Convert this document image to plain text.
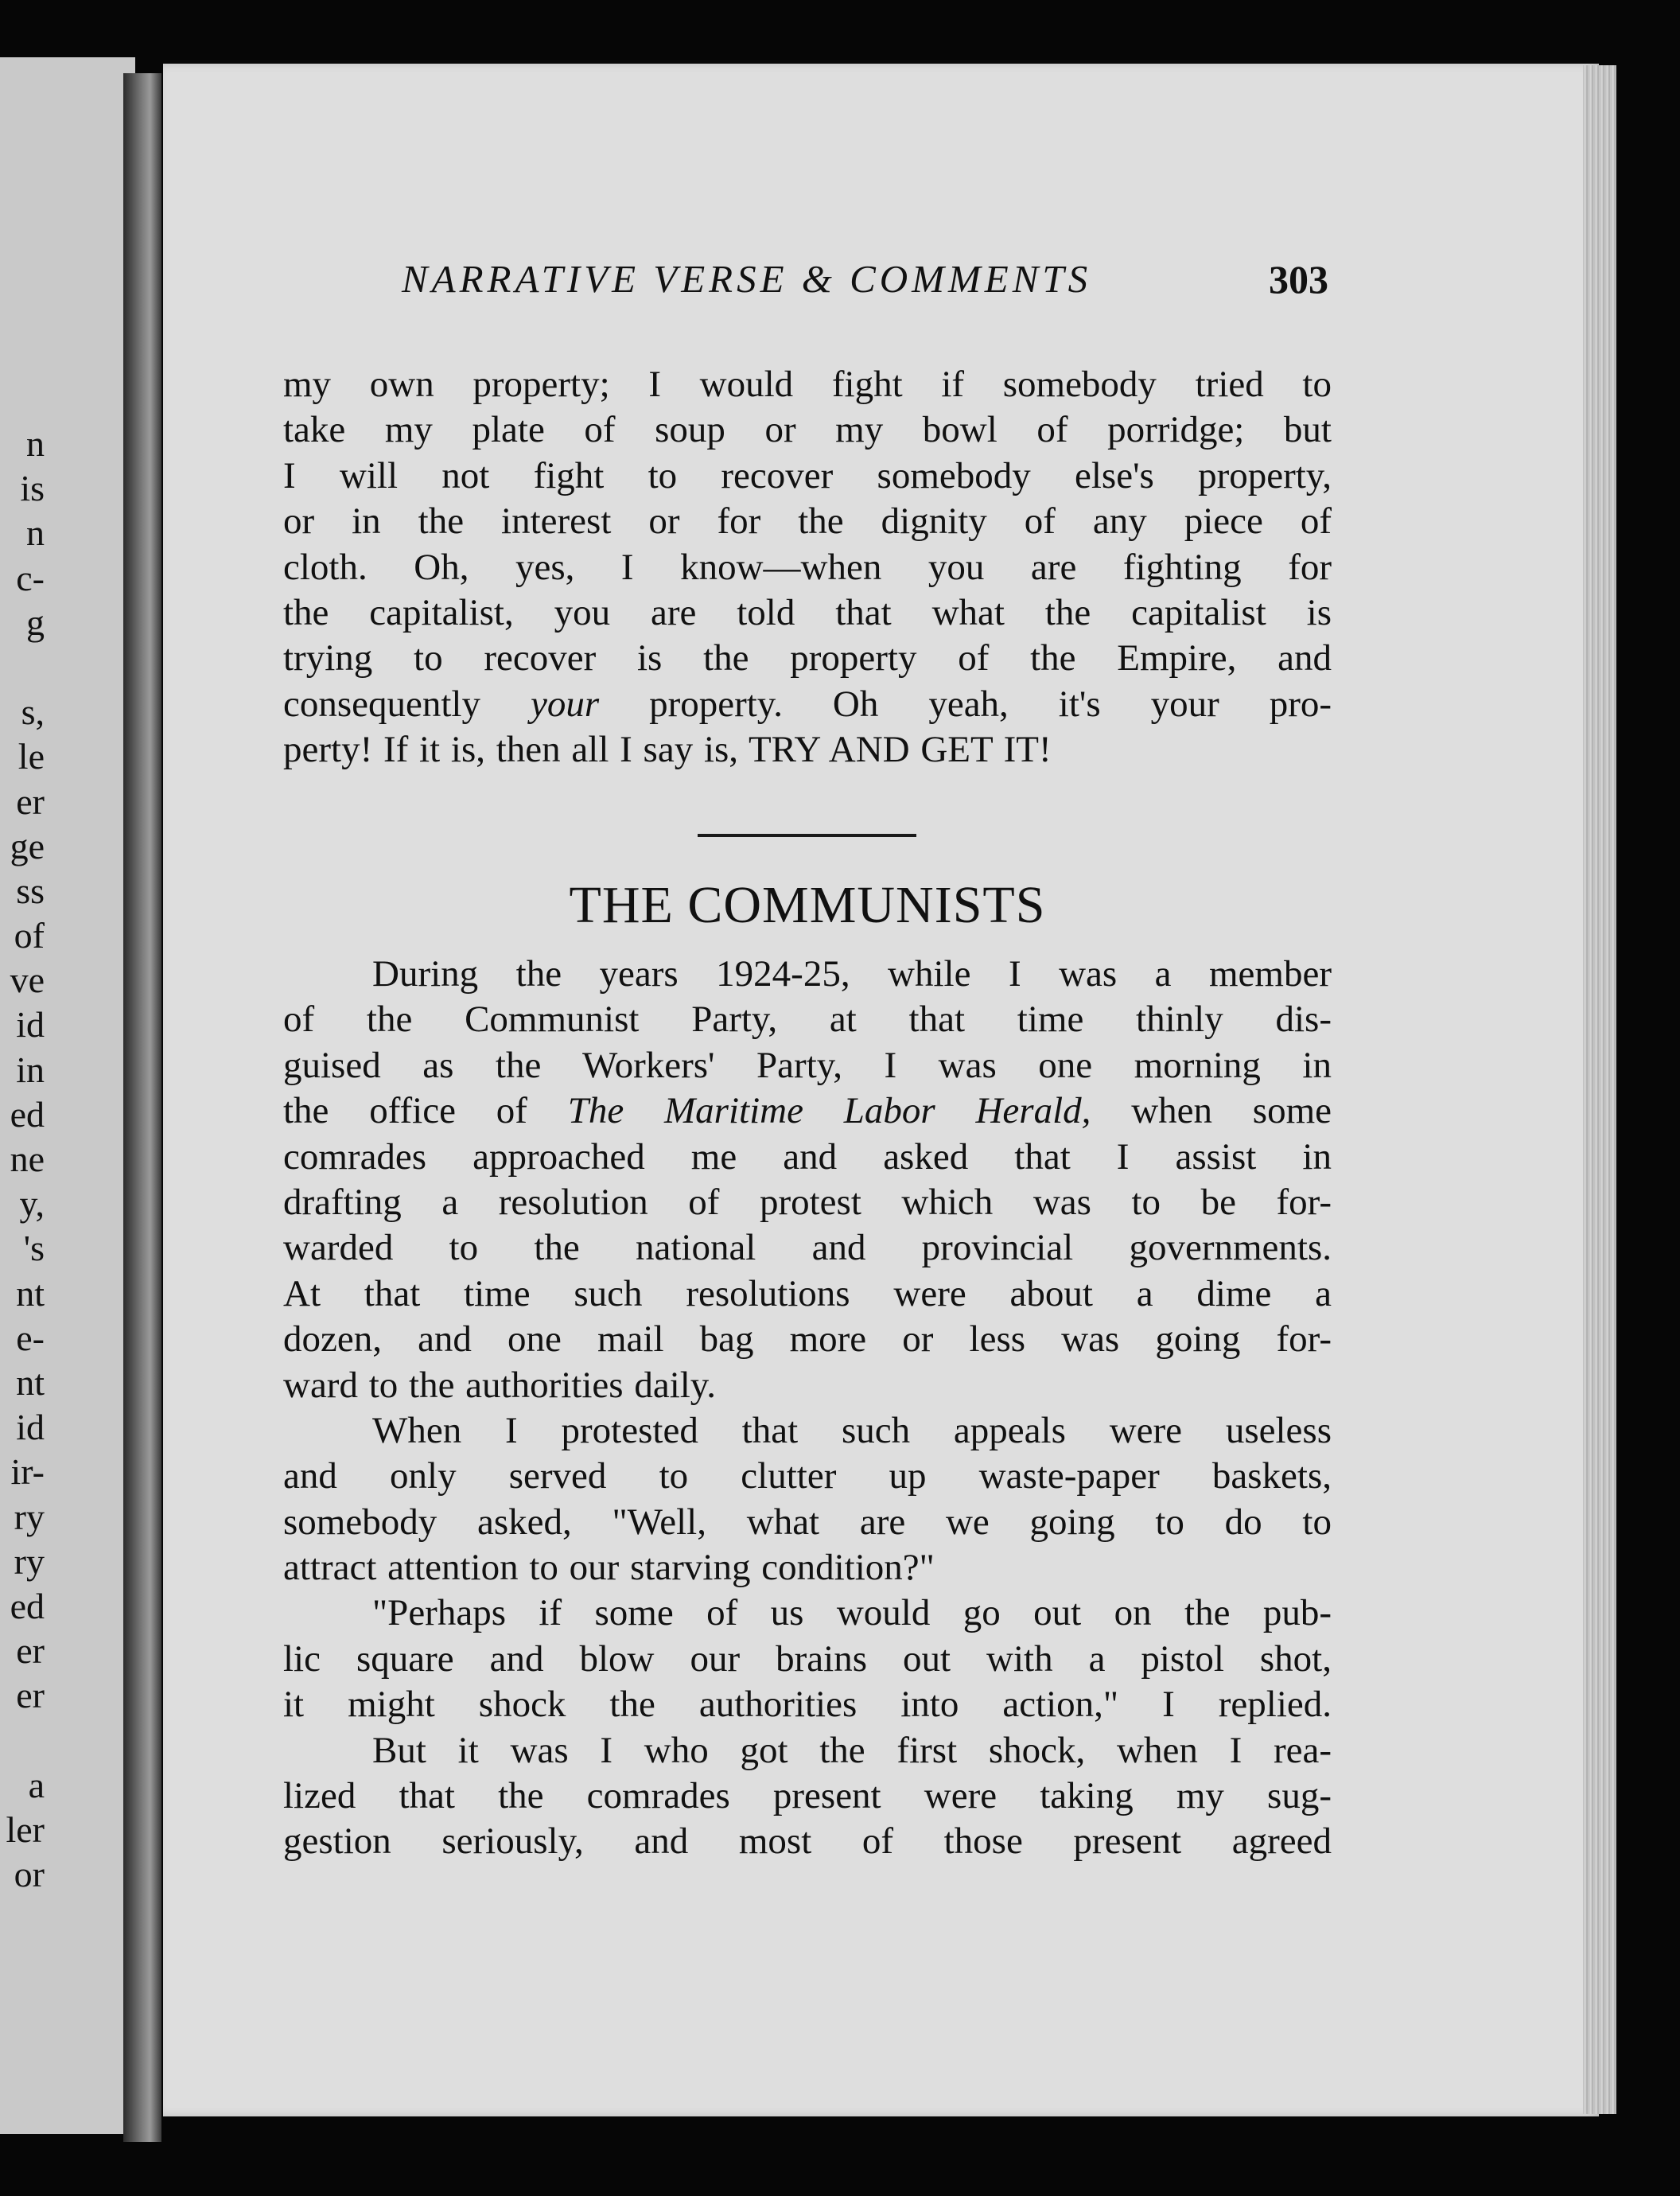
n
is
n
c-
g
s,
le
er
ge
ss
of
ve
id
in
ed
ne
y,
's
nt
e-
nt
id
ir-
ry
ry
ed
er
er
a
ler
or
NARRATIVE VERSE & COMMENTS	303
my own property; I would fight if somebody tried to
take my plate of soup or my bowl of porridge; but
I will not fight to recover somebody else's property,
or in the interest or for the dignity of any piece of
cloth. Oh, yes, I know—when you are fighting for
the capitalist, you are told that what the capitalist is
trying to recover is the property of the Empire, and
consequently your property. Oh yeah, it's your pro-
perty! If it is, then all I say is, TRY AND GET IT!
THE COMMUNISTS
During the years 1924-25, while I was a member
of the Communist Party, at that time thinly dis-
guised as the Workers' Party, I was one morning in
the office of The Maritime Labor Herald, when some
comrades approached me and asked that I assist in
drafting a resolution of protest which was to be for-
warded to the national and provincial governments.
At that time such resolutions were about a dime a
dozen, and one mail bag more or less was going for-
ward to the authorities daily.
When I protested that such appeals were useless
and only served to clutter up waste-paper baskets,
somebody asked, "Well, what are we going to do to
attract attention to our starving condition?"
"Perhaps if some of us would go out on the pub-
lic square and blow our brains out with a pistol shot,
it might shock the authorities into action," I replied.
But it was I who got the first shock, when I rea-
lized that the comrades present were taking my sug-
gestion seriously, and most of those present agreed
